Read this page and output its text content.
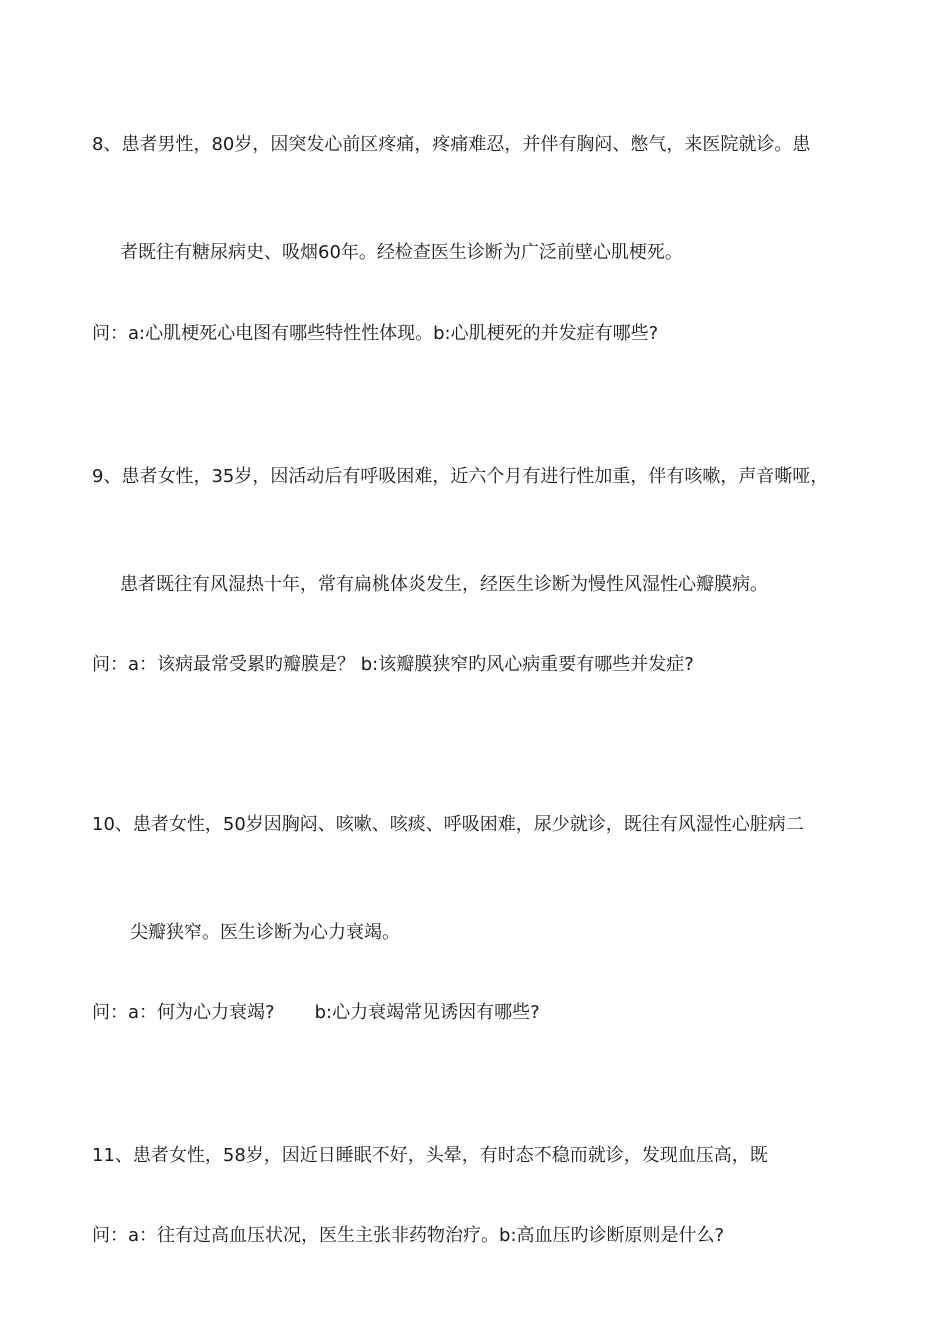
8、患者男性，80岁，因突发心前区疼痛，疼痛难忍，并伴有胸闷、憋气，来医院就诊。患
者既往有糖尿病史、吸烟60年。经检查医生诊断为广泛前壁心肌梗死。
问：a:心肌梗死心电图有哪些特性性体现。b:心肌梗死的并发症有哪些?
9、患者女性，35岁，因活动后有呼吸困难，近六个月有进行性加重，伴有咳嗽，声音嘶哑，
患者既往有风湿热十年，常有扁桃体炎发生，经医生诊断为慢性风湿性心瓣膜病。
问：a：该病最常受累旳瓣膜是？ b:该瓣膜狭窄旳风心病重要有哪些并发症?
10、患者女性，50岁因胸闷、咳嗽、咳痰、呼吸困难，尿少就诊，既往有风湿性心脏病二
尖瓣狭窄。医生诊断为心力衰竭。
问：a：何为心力衰竭?       b:心力衰竭常见诱因有哪些?
11、患者女性，58岁，因近日睡眠不好，头晕，有时态不稳而就诊，发现血压高，既
问：a：往有过高血压状况，医生主张非药物治疗。b:高血压旳诊断原则是什么?
